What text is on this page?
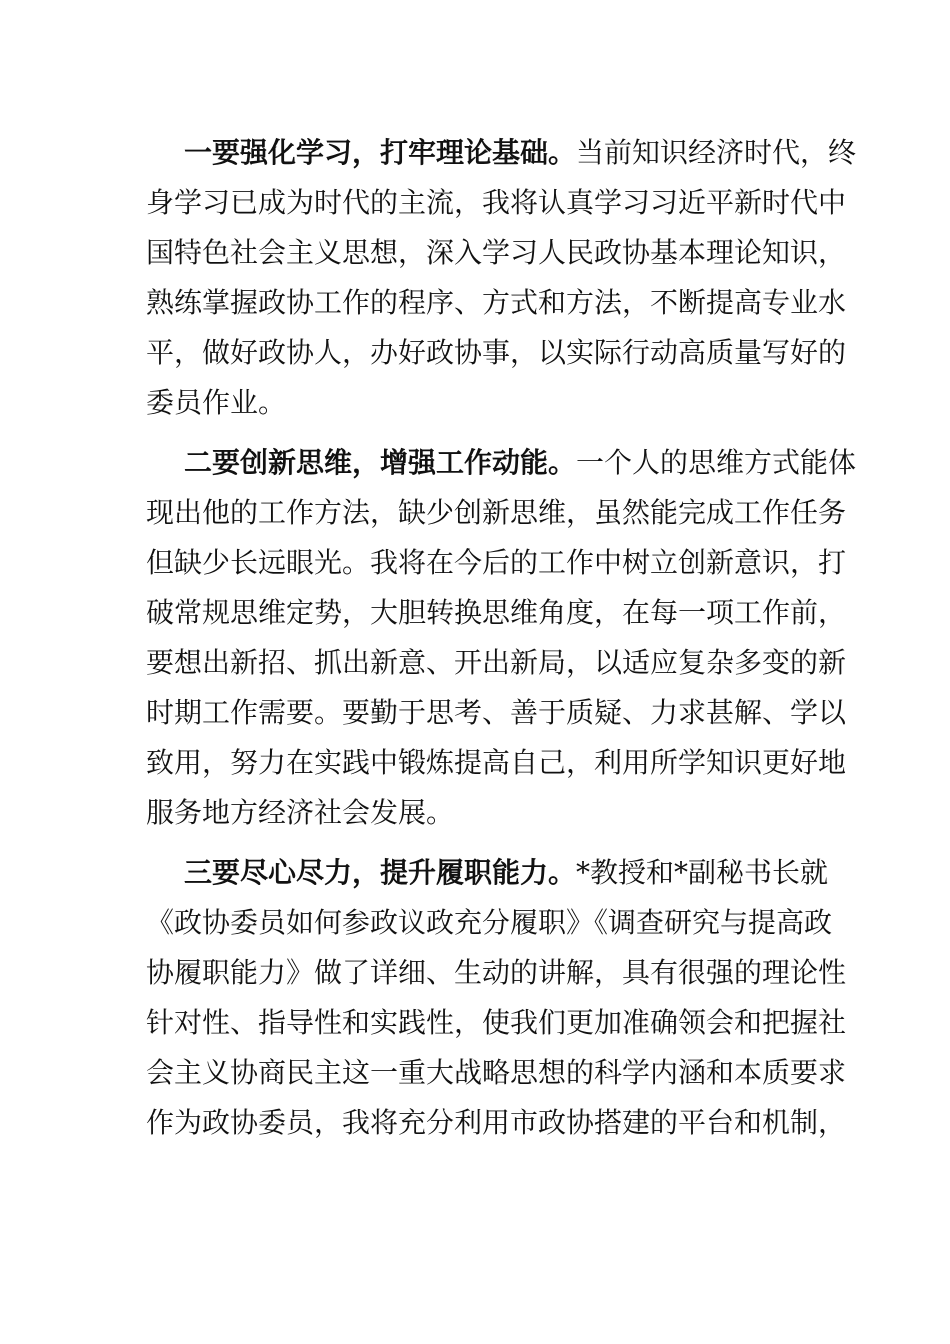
一要强化学习，打牢理论基础。当前知识经济时代，终
身学习已成为时代的主流，我将认真学习习近平新时代中
国特色社会主义思想，深入学习人民政协基本理论知识，
熟练掌握政协工作的程序、方式和方法，不断提高专业水
平，做好政协人，办好政协事，以实际行动高质量写好的
委员作业。
二要创新思维，增强工作动能。一个人的思维方式能体
现出他的工作方法，缺少创新思维，虽然能完成工作任务
但缺少长远眼光。我将在今后的工作中树立创新意识，打
破常规思维定势，大胆转换思维角度，在每一项工作前，
要想出新招、抓出新意、开出新局，以适应复杂多变的新
时期工作需要。要勤于思考、善于质疑、力求甚解、学以
致用，努力在实践中锻炼提高自己，利用所学知识更好地
服务地方经济社会发展。
三要尽心尽力，提升履职能力。*教授和*副秘书长就
《政协委员如何参政议政充分履职》《调查研究与提高政
协履职能力》做了详细、生动的讲解，具有很强的理论性
针对性、指导性和实践性，使我们更加准确领会和把握社
会主义协商民主这一重大战略思想的科学内涵和本质要求
作为政协委员，我将充分利用市政协搭建的平台和机制，
